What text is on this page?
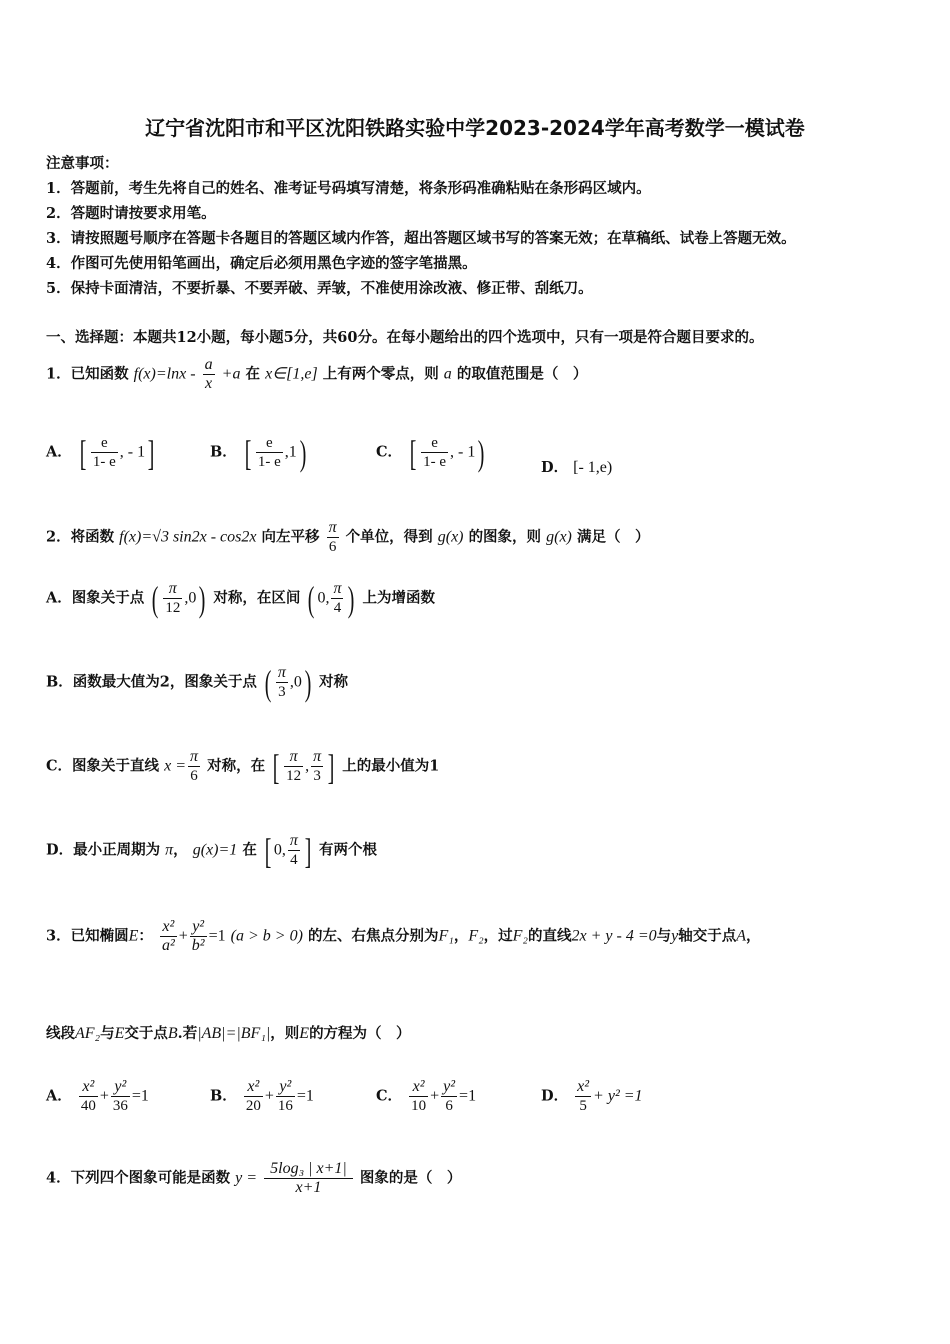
辽宁省沈阳市和平区沈阳铁路实验中学2023-2024学年高考数学一模试卷
注意事项：
1．答题前，考生先将自己的姓名、准考证号码填写清楚，将条形码准确粘贴在条形码区域内。
2．答题时请按要求用笔。
3．请按照题号顺序在答题卡各题目的答题区域内作答，超出答题区域书写的答案无效；在草稿纸、试卷上答题无效。
4．作图可先使用铅笔画出，确定后必须用黑色字迹的签字笔描黑。
5．保持卡面清洁，不要折暴、不要弄破、弄皱，不准使用涂改液、修正带、刮纸刀。
一、选择题：本题共12小题，每小题5分，共60分。在每小题给出的四个选项中，只有一项是符合题目要求的。
1．已知函数 $f(x)=\ln x - \frac{a}{x} +a$ 在 x∈[1,e] 上有两个零点，则 a 的取值范围是（　）
A． [ $\frac{e}{1- e}$ , - 1]	B． [ $\frac{e}{1- e} ,1$)	C． [ $\frac{e}{1- e}$ , - 1)	D． [- 1,e)
2．将函数 f(x)=√3 sin2x - cos2x 向左平移 $\frac{\pi}{6}$ 个单位，得到 g(x) 的图象，则 g(x) 满足（　）
A．图象关于点 ( $\frac{\pi}{12} ,0$) 对称，在区间 ( 0, $\frac{\pi}{4}$ ) 上为增函数
B．函数最大值为2，图象关于点 ( $\frac{\pi}{3} ,0$) 对称
C．图象关于直线 $x = \frac{\pi}{6}$ 对称，在 [ $\frac{\pi}{12}$ , $\frac{\pi}{3}$ ] 上的最小值为1
D．最小正周期为 π， g(x)=1 在 [ 0, $\frac{\pi}{4}$ ] 有两个根
3．已知椭圆E： $\frac{\text{x²}}{\text{a²}} + \frac{\text{y²}}{\text{b²}} =1$ (a > b > 0) 的左、右焦点分别为F₁，F₂，过F₂的直线2x + y - 4 =0与y轴交于点A，
线段AF₂与E交于点B.若|AB|=|BF₁|，则E的方程为（　）
A． $\frac{\text{x²}}{40} + \frac{\text{y²}}{36} =1$	B． $\frac{\text{x²}}{20} + \frac{\text{y²}}{16} =1$	C． $\frac{\text{x²}}{10} + \frac{\text{y²}}{6} =1$	D． $\frac{\text{x²}}{5} + y^2 =1$
4．下列四个图象可能是函数 $y = \frac{\text{5log₃ | x+1|}}{x+1}$ 图象的是（　）
